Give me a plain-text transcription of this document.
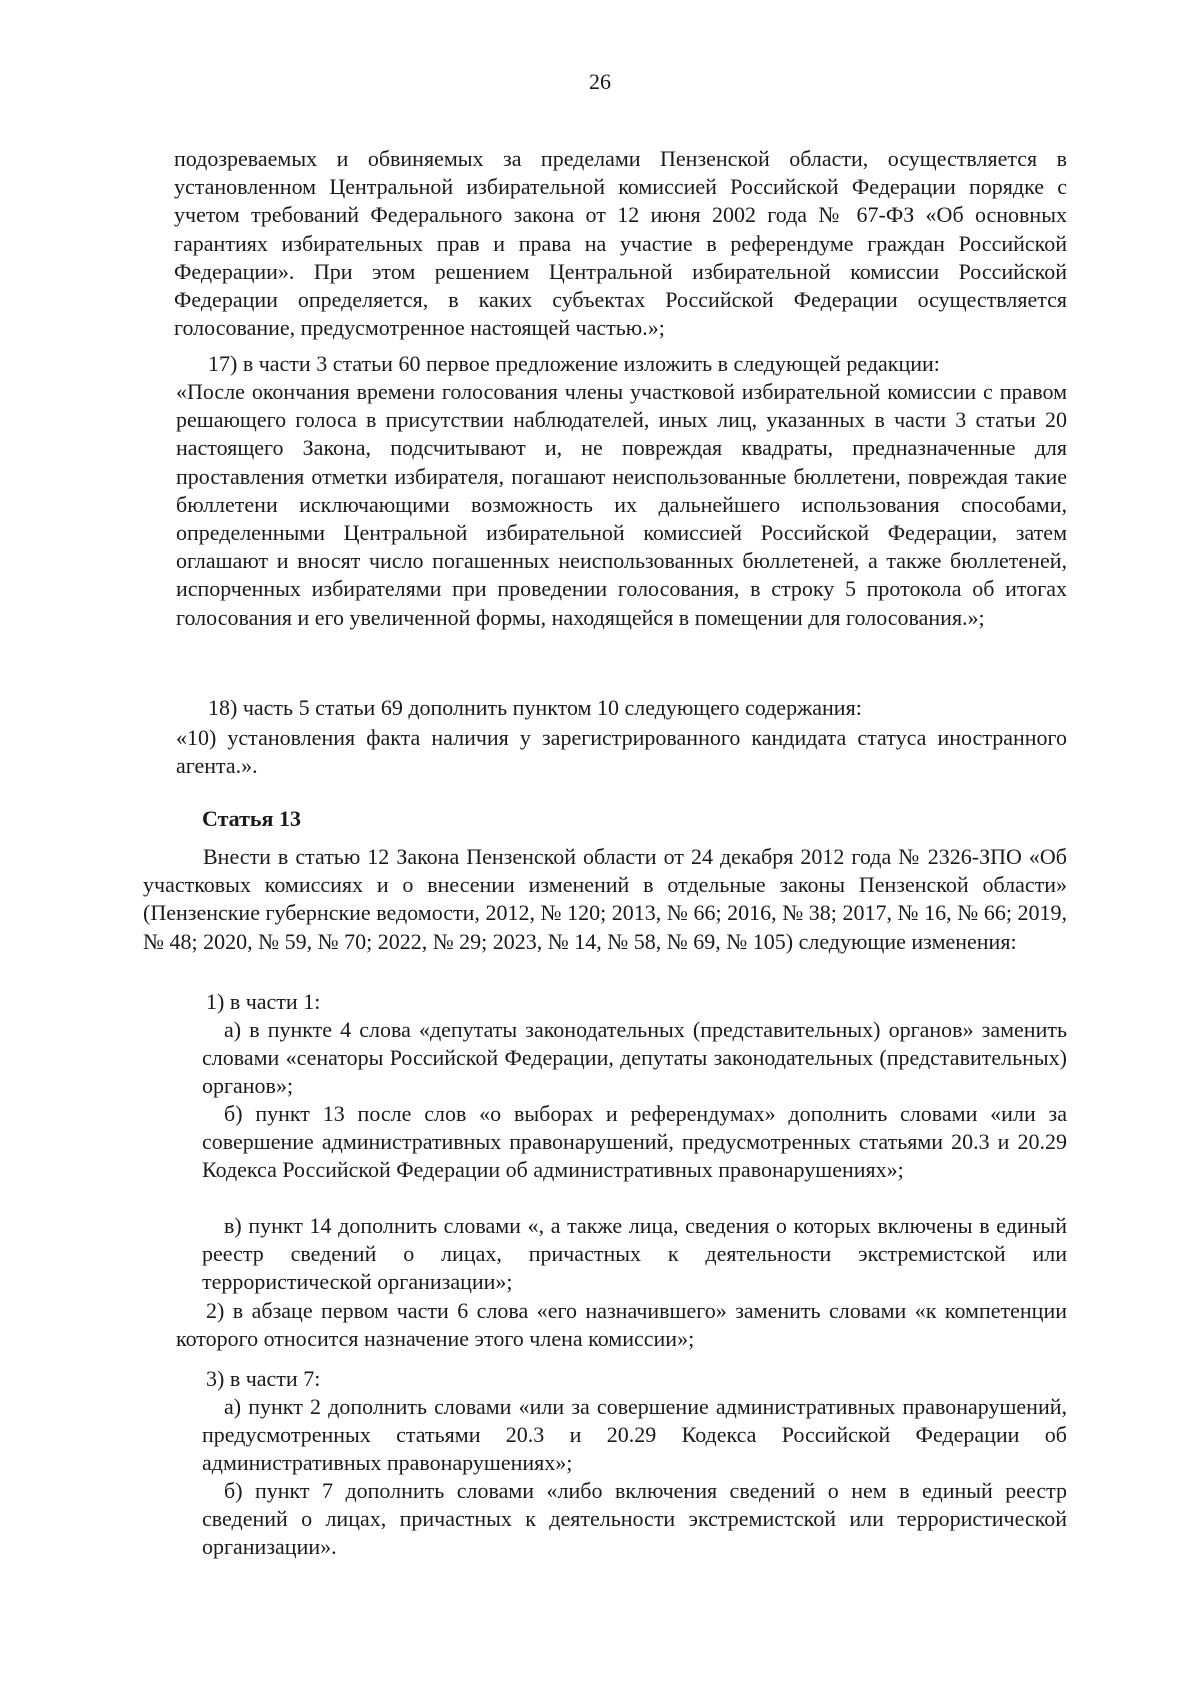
26

подозреваемых и обвиняемых за пределами Пензенской области, осуществляется в установленном Центральной избирательной комиссией Российской Федерации порядке с учетом требований Федерального закона от 12 июня 2002 года № 67-ФЗ «Об основных гарантиях избирательных прав и права на участие в референдуме граждан Российской Федерации». При этом решением Центральной избирательной комиссии Российской Федерации определяется, в каких субъектах Российской Федерации осуществляется голосование, предусмотренное настоящей частью.»;

17) в части 3 статьи 60 первое предложение изложить в следующей редакции:

«После окончания времени голосования члены участковой избирательной комиссии с правом решающего голоса в присутствии наблюдателей, иных лиц, указанных в части 3 статьи 20 настоящего Закона, подсчитывают и, не повреждая квадраты, предназначенные для проставления отметки избирателя, погашают неиспользованные бюллетени, повреждая такие бюллетени исключающими возможность их дальнейшего использования способами, определенными Центральной избирательной комиссией Российской Федерации, затем оглашают и вносят число погашенных неиспользованных бюллетеней, а также бюллетеней, испорченных избирателями при проведении голосования, в строку 5 протокола об итогах голосования и его увеличенной формы, находящейся в помещении для голосования.»;

18) часть 5 статьи 69 дополнить пунктом 10 следующего содержания:

«10) установления факта наличия у зарегистрированного кандидата статуса иностранного агента.».

Статья 13

Внести в статью 12 Закона Пензенской области от 24 декабря 2012 года № 2326-ЗПО «Об участковых комиссиях и о внесении изменений в отдельные законы Пензенской области» (Пензенские губернские ведомости, 2012, № 120; 2013, № 66; 2016, № 38; 2017, № 16, № 66; 2019, № 48; 2020, № 59, № 70; 2022, № 29; 2023, № 14, № 58, № 69, № 105) следующие изменения:

1) в части 1:

а) в пункте 4 слова «депутаты законодательных (представительных) органов» заменить словами «сенаторы Российской Федерации, депутаты законодательных (представительных) органов»;

б) пункт 13 после слов «о выборах и референдумах» дополнить словами «или за совершение административных правонарушений, предусмотренных статьями 20.3 и 20.29 Кодекса Российской Федерации об административных правонарушениях»;

в) пункт 14 дополнить словами «, а также лица, сведения о которых включены в единый реестр сведений о лицах, причастных к деятельности экстремистской или террористической организации»;

2) в абзаце первом части 6 слова «его назначившего» заменить словами «к компетенции которого относится назначение этого члена комиссии»;

3) в части 7:

а) пункт 2 дополнить словами «или за совершение административных правонарушений, предусмотренных статьями 20.3 и 20.29 Кодекса Российской Федерации об административных правонарушениях»;

б) пункт 7 дополнить словами «либо включения сведений о нем в единый реестр сведений о лицах, причастных к деятельности экстремистской или террористической организации».
